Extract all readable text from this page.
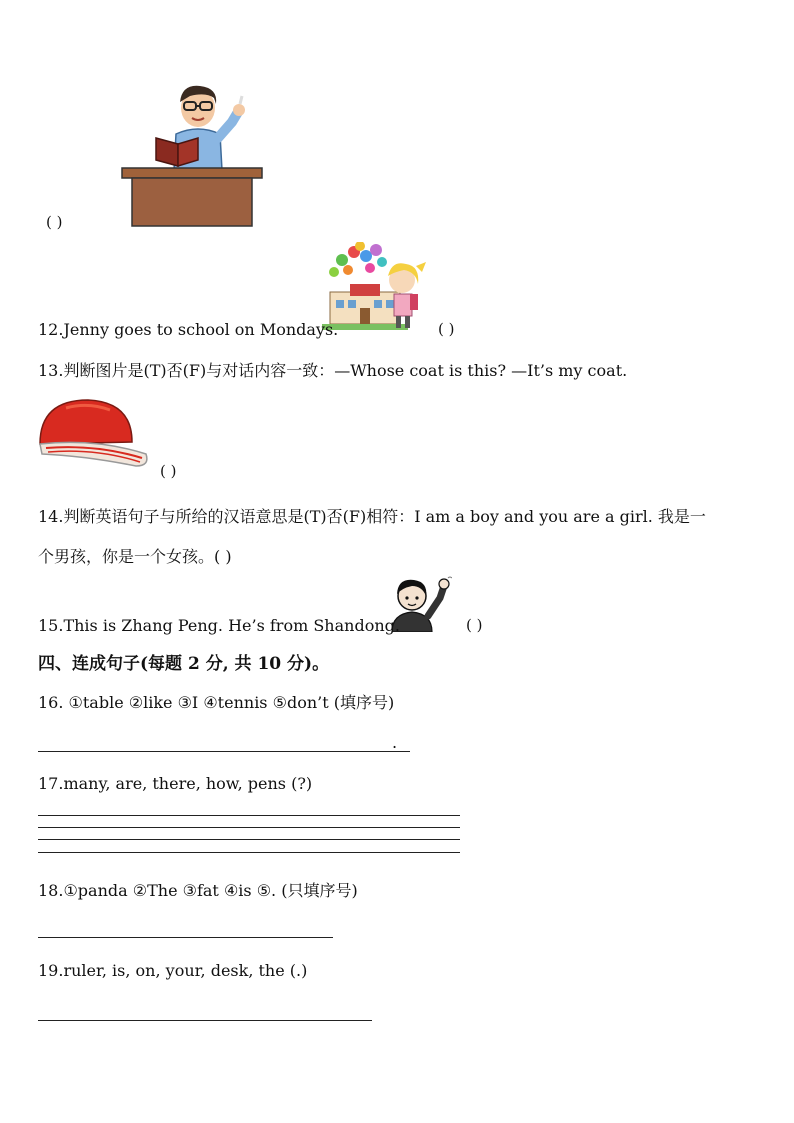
( )
12.Jenny goes to school on Mondays.	( )
13.判断图片是(T)否(F)与对话内容一致：—Whose coat is this? —It’s my coat.
( )
14.判断英语句子与所给的汉语意思是(T)否(F)相符：I am a boy and you are a girl. 我是一
个男孩，你是一个女孩。( )
15.This is Zhang Peng. He’s from Shandong.	( )
四、连成句子(每题 2 分, 共 10 分)。
16. ①table ②like ③I ④tennis ⑤don’t (填序号)
.
17.many, are, there, how, pens (?)
18.①panda ②The ③fat ④is ⑤. (只填序号)
19.ruler, is, on, your, desk, the (.)
